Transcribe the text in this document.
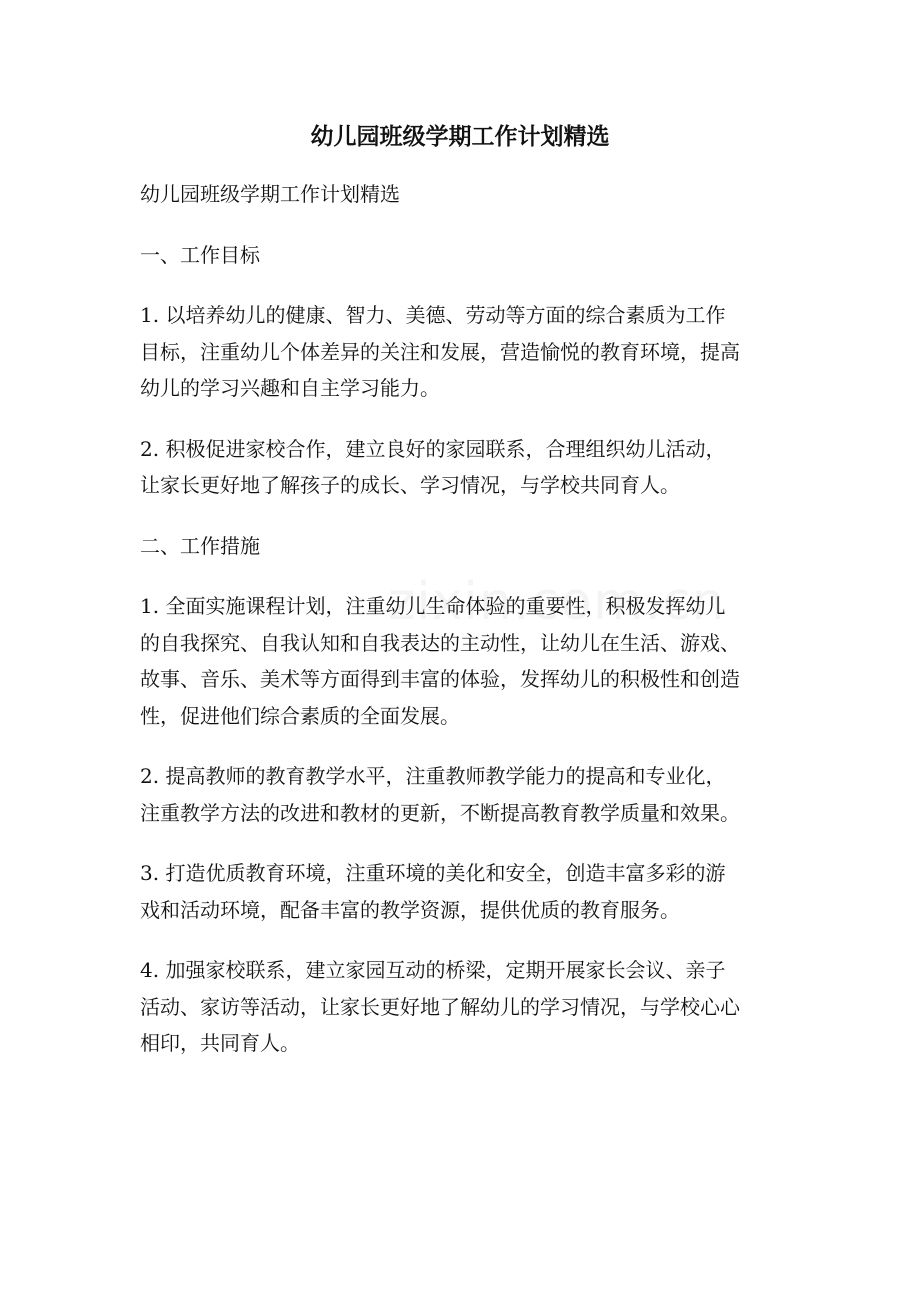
幼儿园班级学期工作计划精选

幼儿园班级学期工作计划精选

一、工作目标

1. 以培养幼儿的健康、智力、美德、劳动等方面的综合素质为工作
目标，注重幼儿个体差异的关注和发展，营造愉悦的教育环境，提高
幼儿的学习兴趣和自主学习能力。

2. 积极促进家校合作，建立良好的家园联系，合理组织幼儿活动，
让家长更好地了解孩子的成长、学习情况，与学校共同育人。

二、工作措施

1. 全面实施课程计划，注重幼儿生命体验的重要性，积极发挥幼儿
的自我探究、自我认知和自我表达的主动性，让幼儿在生活、游戏、
故事、音乐、美术等方面得到丰富的体验，发挥幼儿的积极性和创造
性，促进他们综合素质的全面发展。

2. 提高教师的教育教学水平，注重教师教学能力的提高和专业化，
注重教学方法的改进和教材的更新，不断提高教育教学质量和效果。

3. 打造优质教育环境，注重环境的美化和安全，创造丰富多彩的游
戏和活动环境，配备丰富的教学资源，提供优质的教育服务。

4. 加强家校联系，建立家园互动的桥梁，定期开展家长会议、亲子
活动、家访等活动，让家长更好地了解幼儿的学习情况，与学校心心
相印，共同育人。
